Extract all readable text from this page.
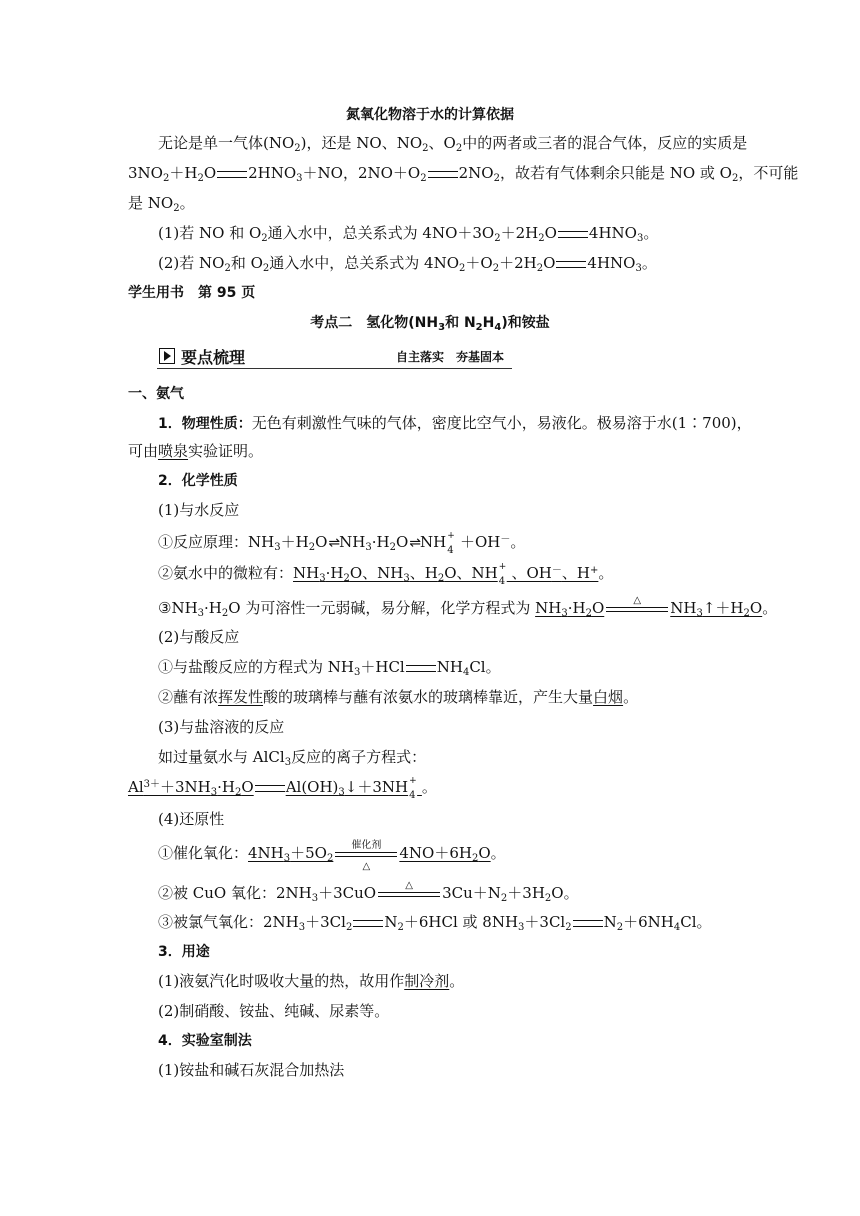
氮氧化物溶于水的计算依据
无论是单一气体$(NO_2)$，还是 NO、$NO_2$、$O_2$中的两者或三者的混合气体，反应的实质是
$3NO_2+H_2O$ $2HNO_3+NO$，$2NO+O_2$ $2NO_2$，故若有气体剩余只能是 NO 或 $O_2$，不可能
是 $NO_2$。
(1)若 NO 和 $O_2$通入水中，总关系式为 $4NO+3O_2+2H_2O$ $4HNO_3$。
(2)若 $NO_2$和 $O_2$通入水中，总关系式为 $4NO_2+O_2+2H_2O$ $4HNO_3$。
学生用书　第 95 页
考点二　氢化物($NH_3$和 $N_2H_4$)和铵盐
要点梳理	自主落实　夯基固本
一、氨气
1．物理性质：无色有刺激性气味的气体，密度比空气小，易液化。极易溶于水(1∶700)，
可由喷泉实验证明。
2．化学性质
(1)与水反应
①反应原理：$NH_3+H_2O\rightleftharpoons NH_3\cdot H_2O\rightleftharpoons NH$ +
4 ＋OH－。
②氨水中的微粒有：$NH_3\cdot H_2O$、$NH_3$、$H_2O$、NH +
4 、OH－、H+。
$③NH_3\cdot H_2O$ 为可溶性一元弱碱，易分解，化学方程式为 $NH_3\cdot H_2O$	△	$NH_3↑+H_2O$。
(2)与酸反应
①与盐酸反应的方程式为 $NH_3+HCl$ $NH_4Cl$。
②蘸有浓挥发性酸的玻璃棒与蘸有浓氨水的玻璃棒靠近，产生大量白烟。
(3)与盐溶液的反应
如过量氨水与 AlCl$_3$反应的离子方程式：
$Al^{3+}+3NH_3\cdot H_2O$ $Al(OH)_3↓+3NH$ +
4 。
(4)还原性
①催化氧化：$4NH_3+5O_2$
催化剂
△
$4NO+6H_2O$。
②被 CuO 氧化：$2NH_3+3CuO$	△	$3Cu+N_2+3H_2O$。
③被氯气氧化：$2NH_3+3Cl_2$ $N_2+6HCl$ 或 $8NH_3+3Cl_2$ $N_2+6NH_4Cl$。
3．用途
(1)液氨汽化时吸收大量的热，故用作制冷剂。
(2)制硝酸、铵盐、纯碱、尿素等。
4．实验室制法
(1)铵盐和碱石灰混合加热法
